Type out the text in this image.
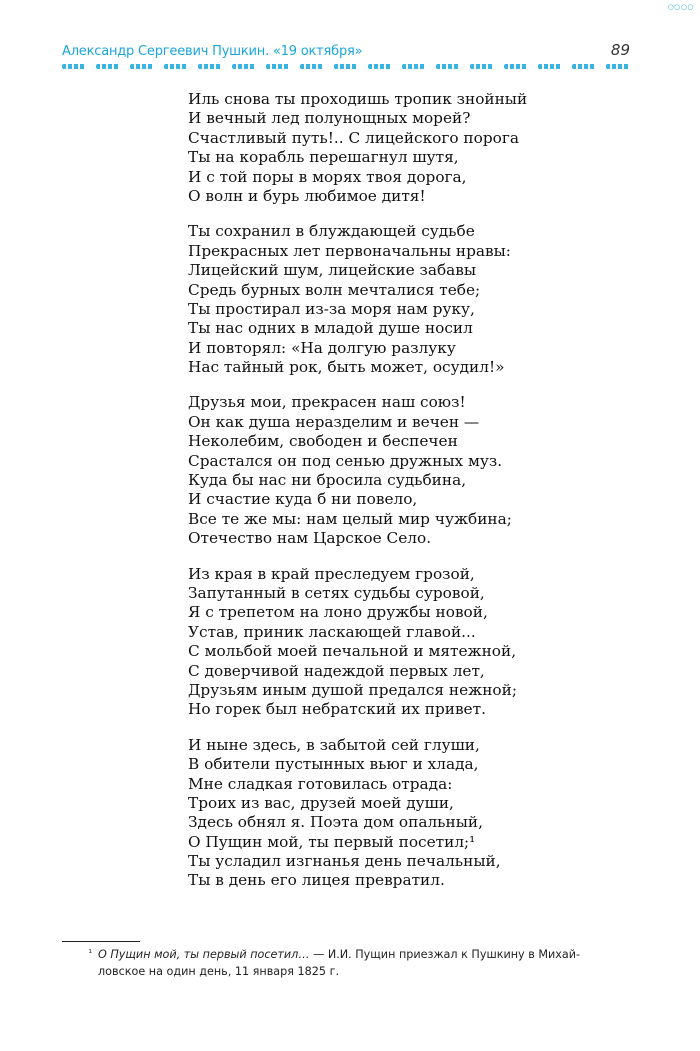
○○○○
Александр Сергеевич Пушкин. «19 октября»	89
Иль снова ты проходишь тропик знойный
И вечный лед полунощных морей?
Счастливый путь!.. С лицейского порога
Ты на корабль перешагнул шутя,
И с той поры в морях твоя дорога,
О волн и бурь любимое дитя!
Ты сохранил в блуждающей судьбе
Прекрасных лет первоначальны нравы:
Лицейский шум, лицейские забавы
Средь бурных волн мечталися тебе;
Ты простирал из-за моря нам руку,
Ты нас одних в младой душе носил
И повторял: «На долгую разлуку
Нас тайный рок, быть может, осудил!»
Друзья мои, прекрасен наш союз!
Он как душа неразделим и вечен —
Неколебим, свободен и беспечен
Срастался он под сенью дружных муз.
Куда бы нас ни бросила судьбина,
И счастие куда б ни повело,
Все те же мы: нам целый мир чужбина;
Отечество нам Царское Село.
Из края в край преследуем грозой,
Запутанный в сетях судьбы суровой,
Я с трепетом на лоно дружбы новой,
Устав, приник ласкающей главой...
С мольбой моей печальной и мятежной,
С доверчивой надеждой первых лет,
Друзьям иным душой предался нежной;
Но горек был небратский их привет.
И ныне здесь, в забытой сей глуши,
В обители пустынных вьюг и хлада,
Мне сладкая готовилась отрада:
Троих из вас, друзей моей души,
Здесь обнял я. Поэта дом опальный,
О Пущин мой, ты первый посетил;¹
Ты усладил изгнанья день печальный,
Ты в день его лицея превратил.
¹ О Пущин мой, ты первый посетил… — И.И. Пущин приезжал к Пушкину в Михай-
ловское на один день, 11 января 1825 г.
